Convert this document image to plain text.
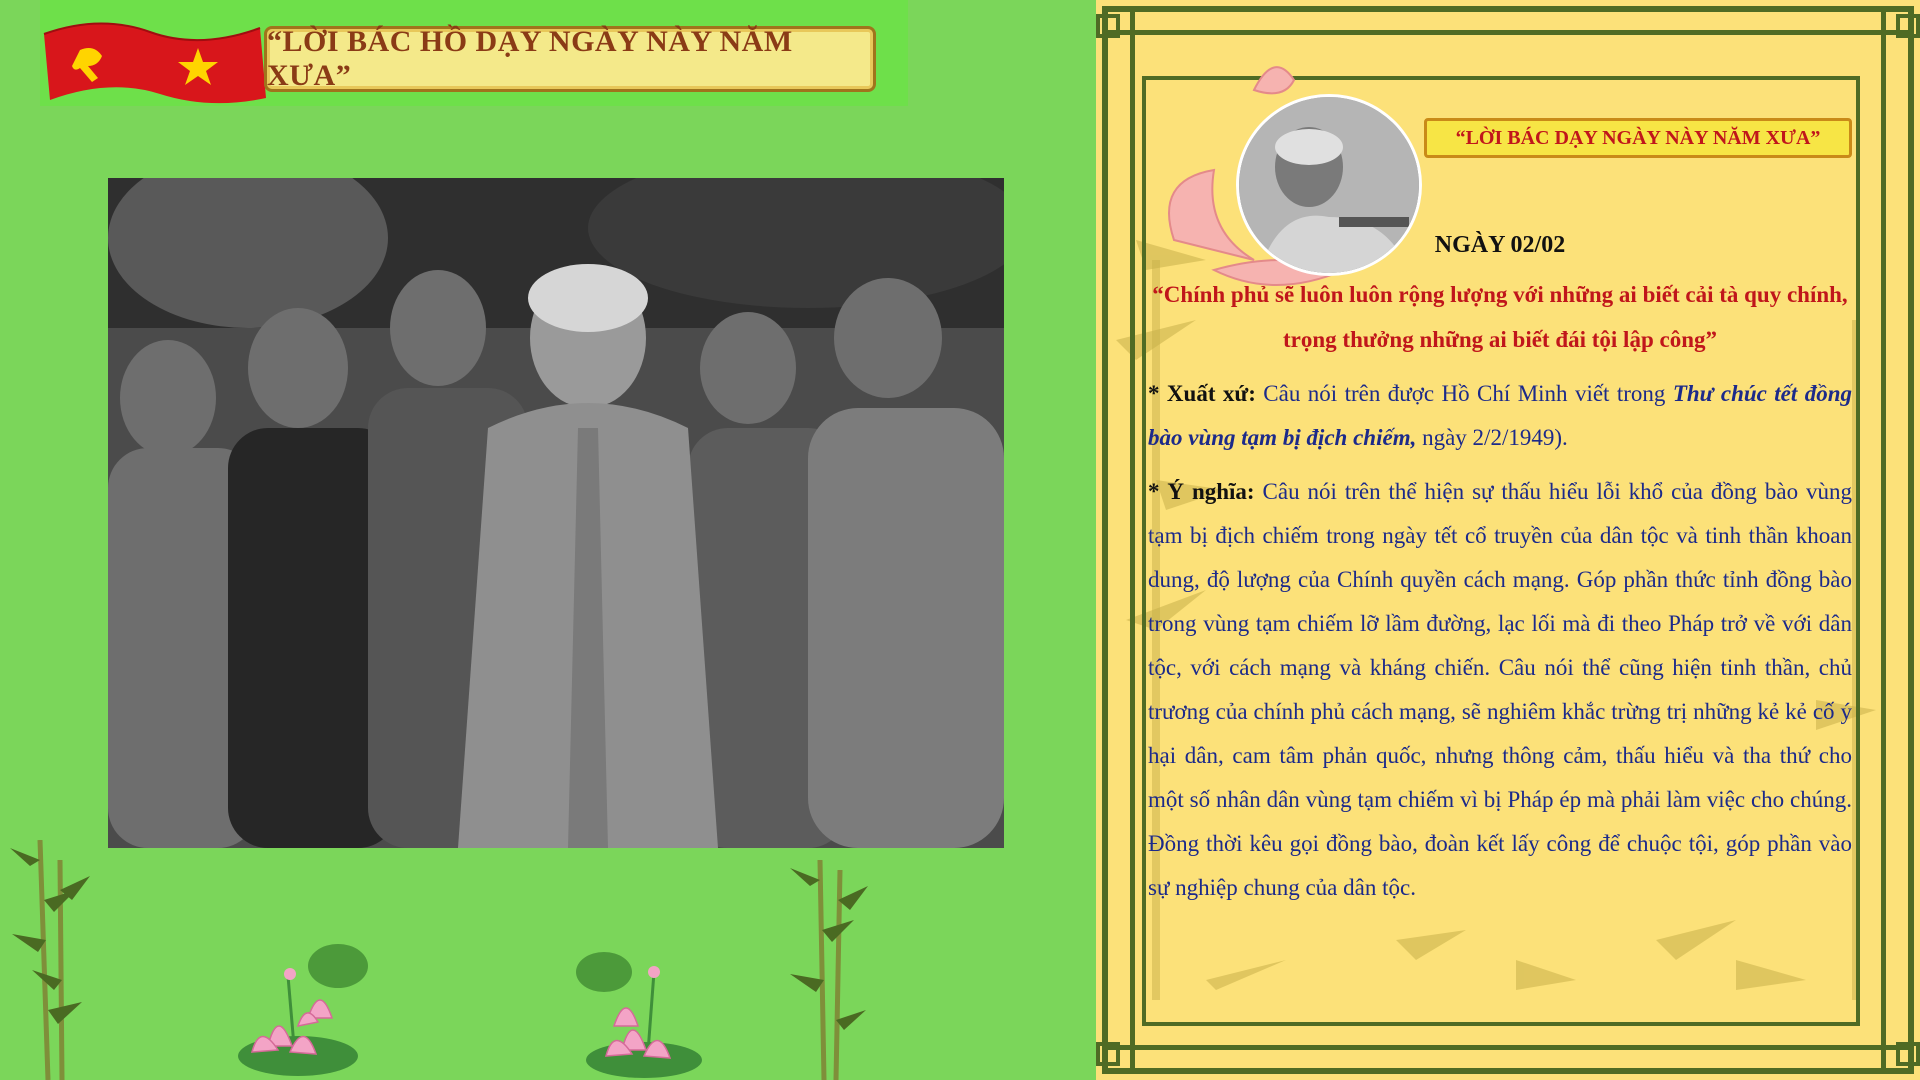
“LỜI BÁC HỒ DẠY NGÀY NÀY NĂM XƯA”
“LỜI BÁC DẠY NGÀY NÀY NĂM XƯA”
NGÀY 02/02
“Chính phủ sẽ luôn luôn rộng lượng với những ai biết cải tà quy chính, trọng thưởng những ai biết đái tội lập công”
* Xuất xứ: Câu nói trên được Hồ Chí Minh viết trong Thư chúc tết đồng bào vùng tạm bị địch chiếm, ngày 2/2/1949).
* Ý nghĩa: Câu nói trên thể hiện sự thấu hiểu lỗi khổ của đồng bào vùng tạm bị địch chiếm trong ngày tết cổ truyền của dân tộc và tinh thần khoan dung, độ lượng của Chính quyền cách mạng. Góp phần thức tỉnh đồng bào trong vùng tạm chiếm lỡ lầm đường, lạc lối mà đi theo Pháp trở về với dân tộc, với cách mạng và kháng chiến. Câu nói thể cũng hiện tinh thần, chủ trương của chính phủ cách mạng, sẽ nghiêm khắc trừng trị những kẻ kẻ cố ý hại dân, cam tâm phản quốc, nhưng thông cảm, thấu hiểu và tha thứ cho một số nhân dân vùng tạm chiếm vì bị Pháp ép mà phải làm việc cho chúng. Đồng thời kêu gọi đồng bào, đoàn kết lấy công để chuộc tội, góp phần vào sự nghiệp chung của dân tộc.
